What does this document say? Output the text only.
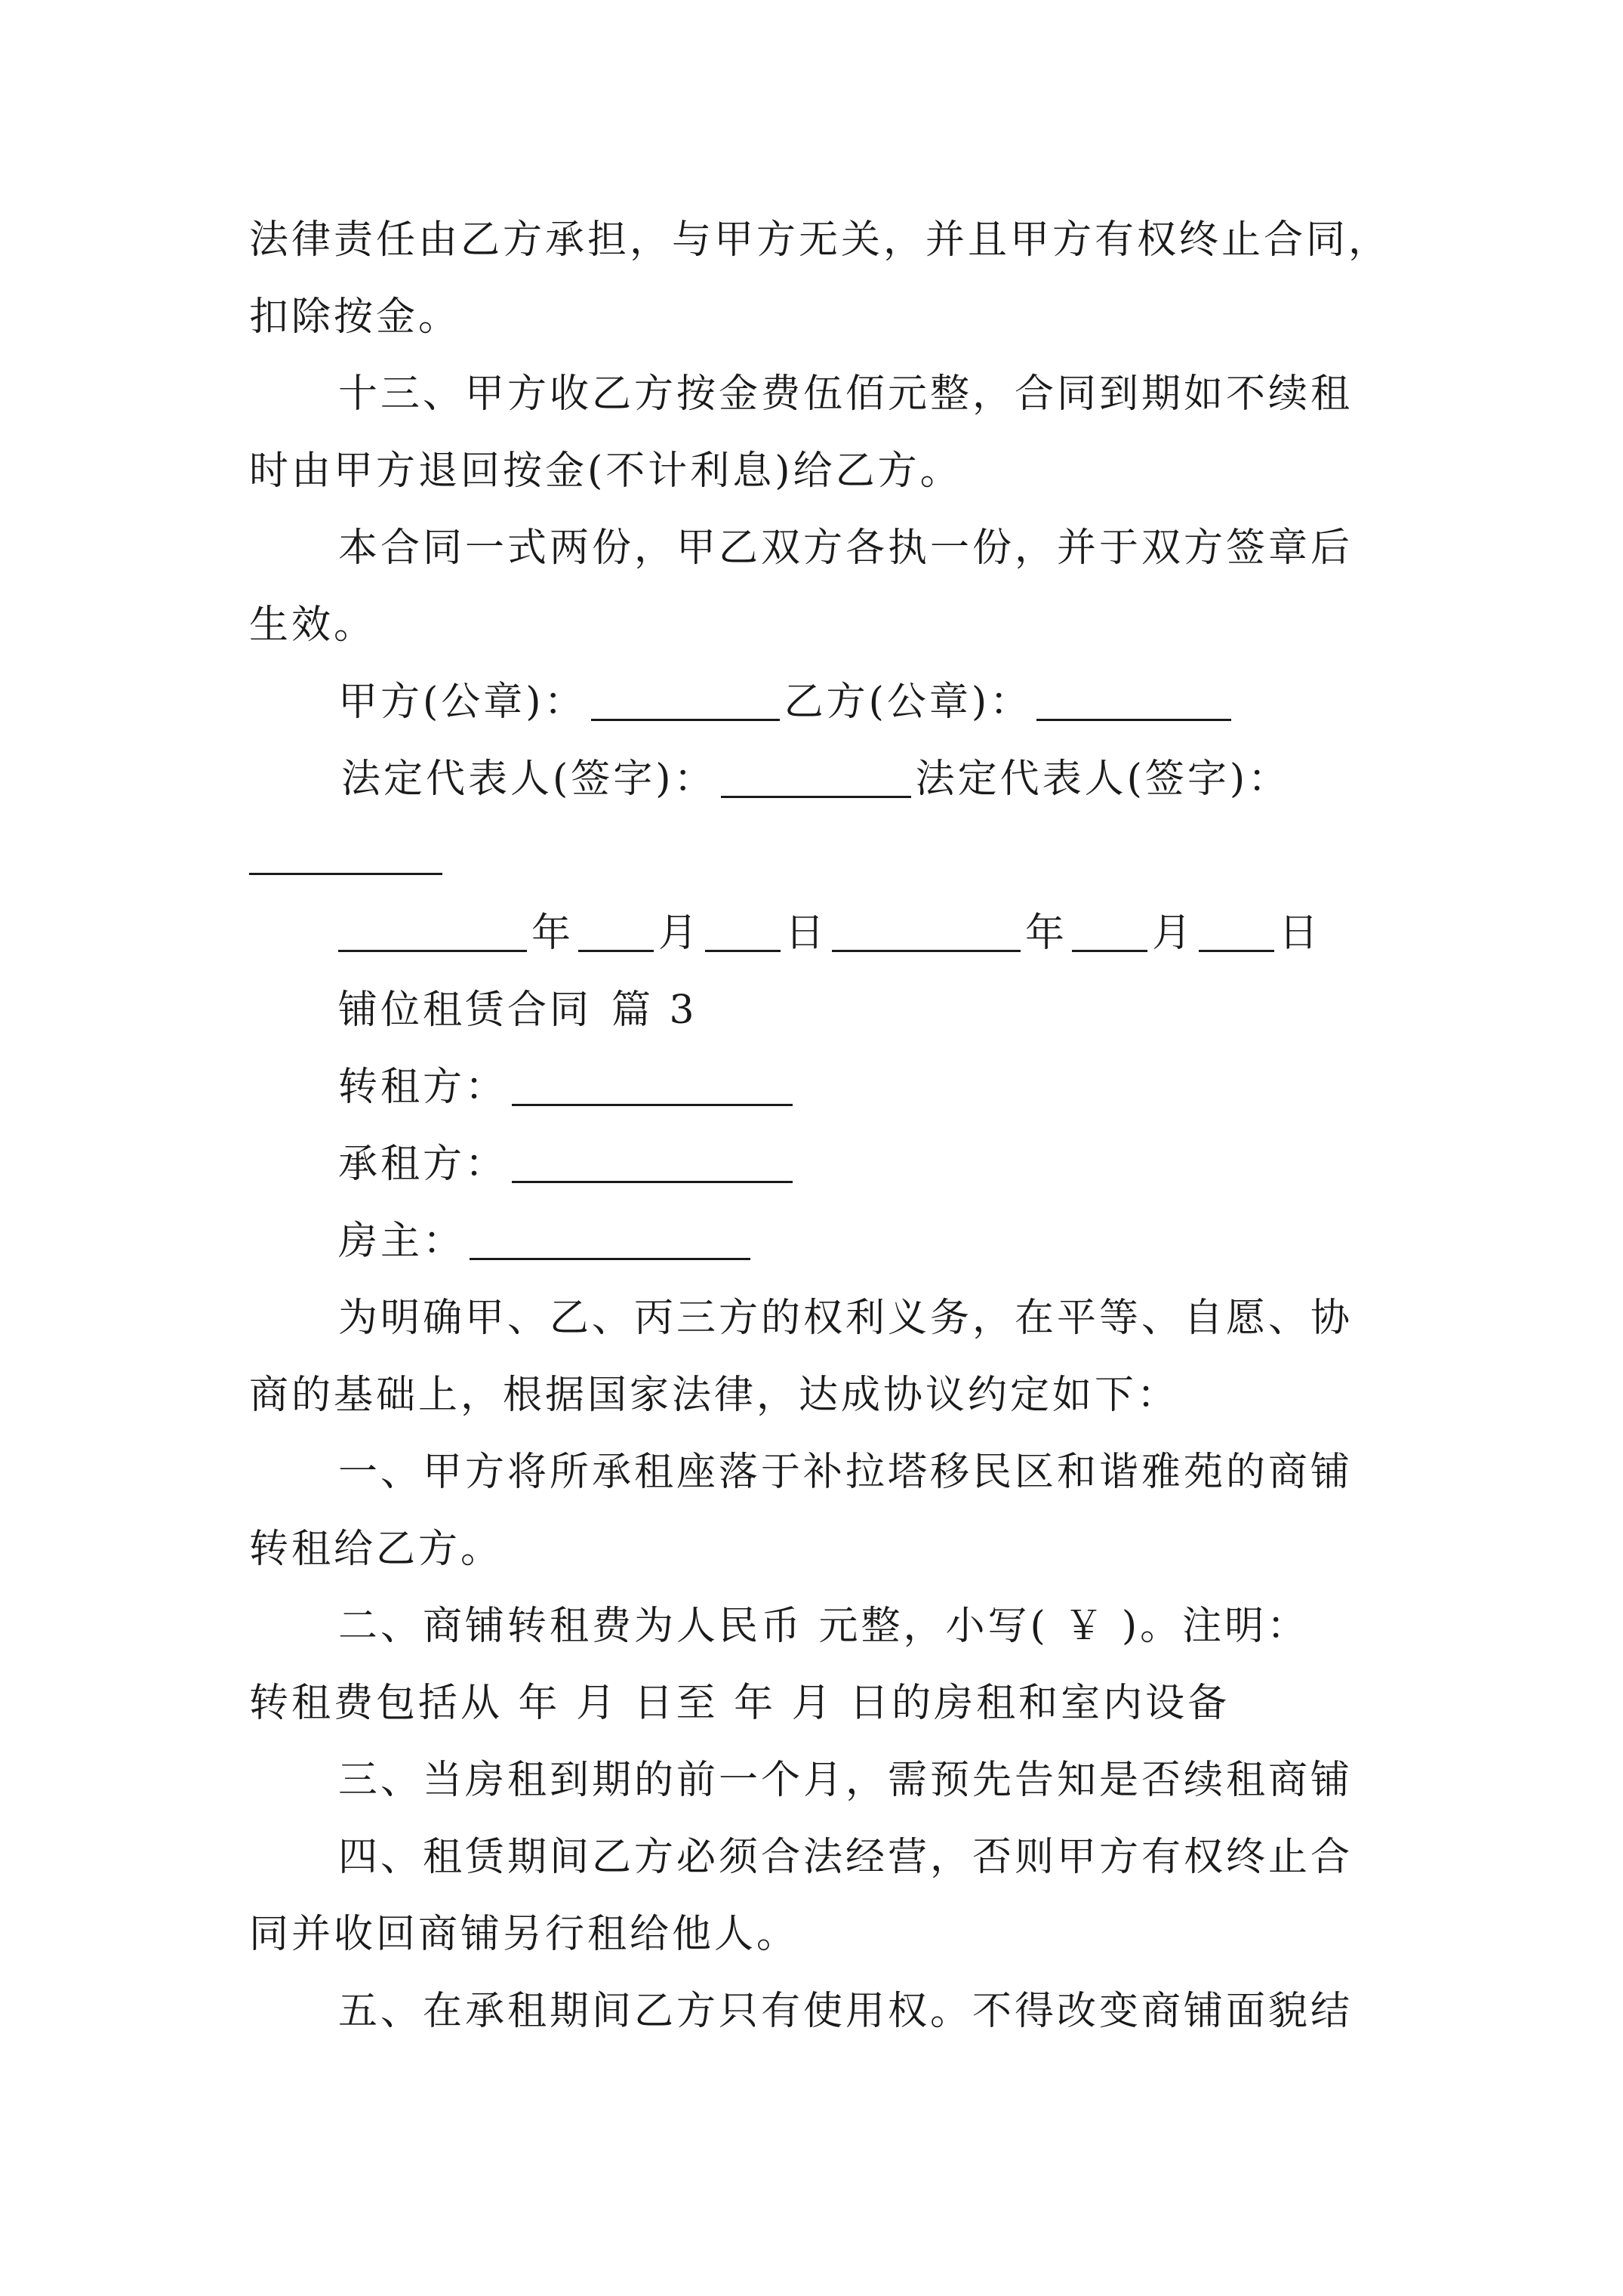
法律责任由乙方承担，与甲方无关，并且甲方有权终止合同，
扣除按金。
十三、甲方收乙方按金费伍佰元整，合同到期如不续租
时由甲方退回按金(不计利息)给乙方。
本合同一式两份，甲乙双方各执一份，并于双方签章后
生效。
甲方(公章)：	乙方(公章)：
法定代表人(签字)：	法定代表人(签字)：
年 月 日	年 月 日
铺位租赁合同 篇 3
转租方：
承租方：
房主：
为明确甲、乙、丙三方的权利义务，在平等、自愿、协
商的基础上，根据国家法律，达成协议约定如下：
一、甲方将所承租座落于补拉塔移民区和谐雅苑的商铺
转租给乙方。
二、商铺转租费为人民币 元整，小写( ￥ )。注明：
转租费包括从 年 月 日至 年 月 日的房租和室内设备
三、当房租到期的前一个月，需预先告知是否续租商铺
四、租赁期间乙方必须合法经营，否则甲方有权终止合
同并收回商铺另行租给他人。
五、在承租期间乙方只有使用权。不得改变商铺面貌结
